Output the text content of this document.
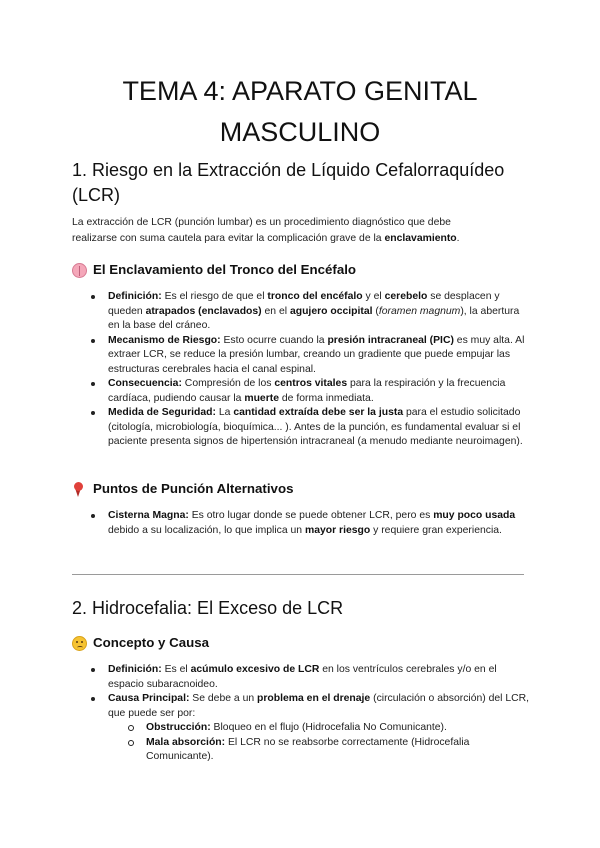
TEMA 4: APARATO GENITAL
MASCULINO
1. Riesgo en la Extracción de Líquido Cefalorraquídeo
(LCR)
La extracción de LCR (punción lumbar) es un procedimiento diagnóstico que debe
realizarse con suma cautela para evitar la complicación grave de la enclavamiento.
El Enclavamiento del Tronco del Encéfalo
Definición: Es el riesgo de que el tronco del encéfalo y el cerebelo se desplacen y queden atrapados (enclavados) en el agujero occipital (foramen magnum), la abertura en la base del cráneo.
Mecanismo de Riesgo: Esto ocurre cuando la presión intracraneal (PIC) es muy alta. Al extraer LCR, se reduce la presión lumbar, creando un gradiente que puede empujar las estructuras cerebrales hacia el canal espinal.
Consecuencia: Compresión de los centros vitales para la respiración y la frecuencia cardíaca, pudiendo causar la muerte de forma inmediata.
Medida de Seguridad: La cantidad extraída debe ser la justa para el estudio solicitado (citología, microbiología, bioquímica... ). Antes de la punción, es fundamental evaluar si el paciente presenta signos de hipertensión intracraneal (a menudo mediante neuroimagen).
Puntos de Punción Alternativos
Cisterna Magna: Es otro lugar donde se puede obtener LCR, pero es muy poco usada debido a su localización, lo que implica un mayor riesgo y requiere gran experiencia.
2. Hidrocefalia: El Exceso de LCR
Concepto y Causa
Definición: Es el acúmulo excesivo de LCR en los ventrículos cerebrales y/o en el espacio subaracnoideo.
Causa Principal: Se debe a un problema en el drenaje (circulación o absorción) del LCR, que puede ser por:
Obstrucción: Bloqueo en el flujo (Hidrocefalia No Comunicante).
Mala absorción: El LCR no se reabsorbe correctamente (Hidrocefalia Comunicante).
